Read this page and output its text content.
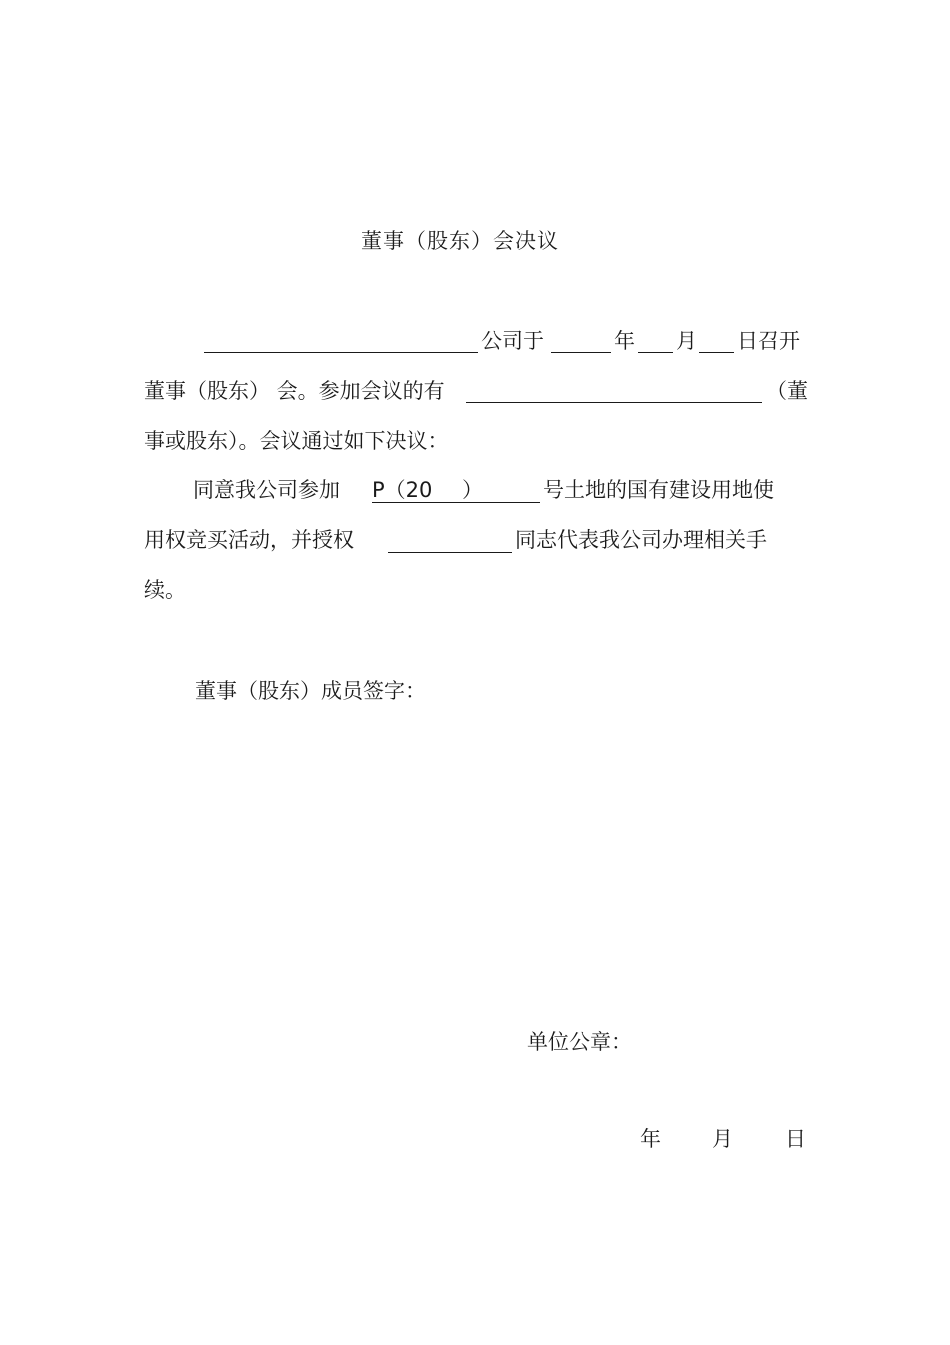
董事（股东）会决议
公司于	年 月 日召开
董事（股东） 会。参加会议的有	（董
事或股东）。会议通过如下决议：
同意我公司参加 P（20 ）	号土地的国有建设用地使
用权竞买活动，并授权	同志代表我公司办理相关手
续。
董事（股东）成员签字：
单位公章：
年 月 日
